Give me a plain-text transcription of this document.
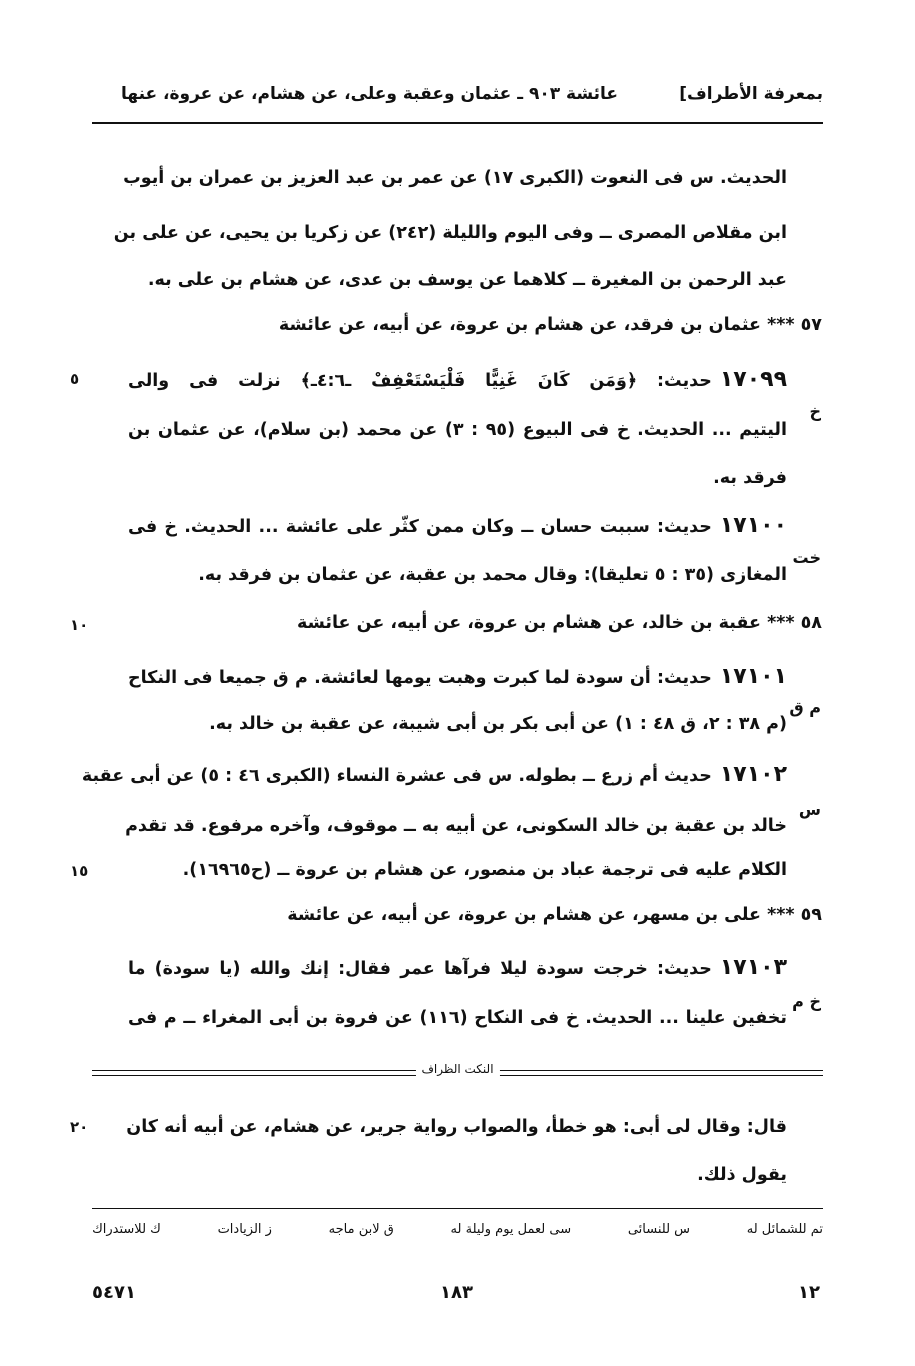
بمعرفة الأطراف]
عائشة ٩٠٣ ـ عثمان وعقبة وعلى، عن هشام، عن عروة، عنها
الحديث. س فى النعوت (الكبرى ١٧) عن عمر بن عبد العزيز بن عمران بن أيوب
ابن مقلاص المصرى ــ وفى اليوم والليلة (٢٤٢) عن زكريا بن يحيى، عن على بن
عبد الرحمن بن المغيرة ــ كلاهما عن يوسف بن عدى، عن هشام بن على به.
٥٧ *** عثمان بن فرقد، عن هشام بن عروة، عن أبيه، عن عائشة
١٧٠٩٩حديث: ﴿وَمَن كَانَ غَنِيًّا فَلْيَسْتَعْفِفْ ـ٤:٦ـ﴾ نزلت فى والى
خ
اليتيم ... الحديث. خ فى البيوع (٩٥ : ٣) عن محمد (بن سلام)، عن عثمان بن
فرقد به.
١٧١٠٠حديث: سببت حسان ــ وكان ممن كثّر على عائشة ... الحديث. خ فى
خت
المغازى (٣٥ : ٥ تعليقا): وقال محمد بن عقبة، عن عثمان بن فرقد به.
٥٨ *** عقبة بن خالد، عن هشام بن عروة، عن أبيه، عن عائشة
١٧١٠١حديث: أن سودة لما كبرت وهبت يومها لعائشة. م ق جميعا فى النكاح
م ق
(م ٣٨ : ٢، ق ٤٨ : ١) عن أبى بكر بن أبى شيبة، عن عقبة بن خالد به.
١٧١٠٢حديث أم زرع ــ بطوله. س فى عشرة النساء (الكبرى ٤٦ : ٥) عن أبى عقبة
س
خالد بن عقبة بن خالد السكونى، عن أبيه به ــ موقوف، وآخره مرفوع. قد تقدم
الكلام عليه فى ترجمة عباد بن منصور، عن هشام بن عروة ــ (ح١٦٩٦٥).
٥٩ *** على بن مسهر، عن هشام بن عروة، عن أبيه، عن عائشة
١٧١٠٣حديث: خرجت سودة ليلا فرآها عمر فقال: إنك والله (يا سودة) ما
خ م
تخفين علينا ... الحديث. خ فى النكاح (١١٦) عن فروة بن أبى المغراء ــ م فى
٥
١٠
١٥
٢٠
النكت الظراف
قال: وقال لى أبى: هو خطأ، والصواب رواية جرير، عن هشام، عن أبيه أنه كان
يقول ذلك.
تم للشمائل له
س للنسائى
سى لعمل يوم وليلة له
ق لابن ماجه
ز الزيادات
ك للاستدراك
٥٤٧١	١٨٣	١٢
